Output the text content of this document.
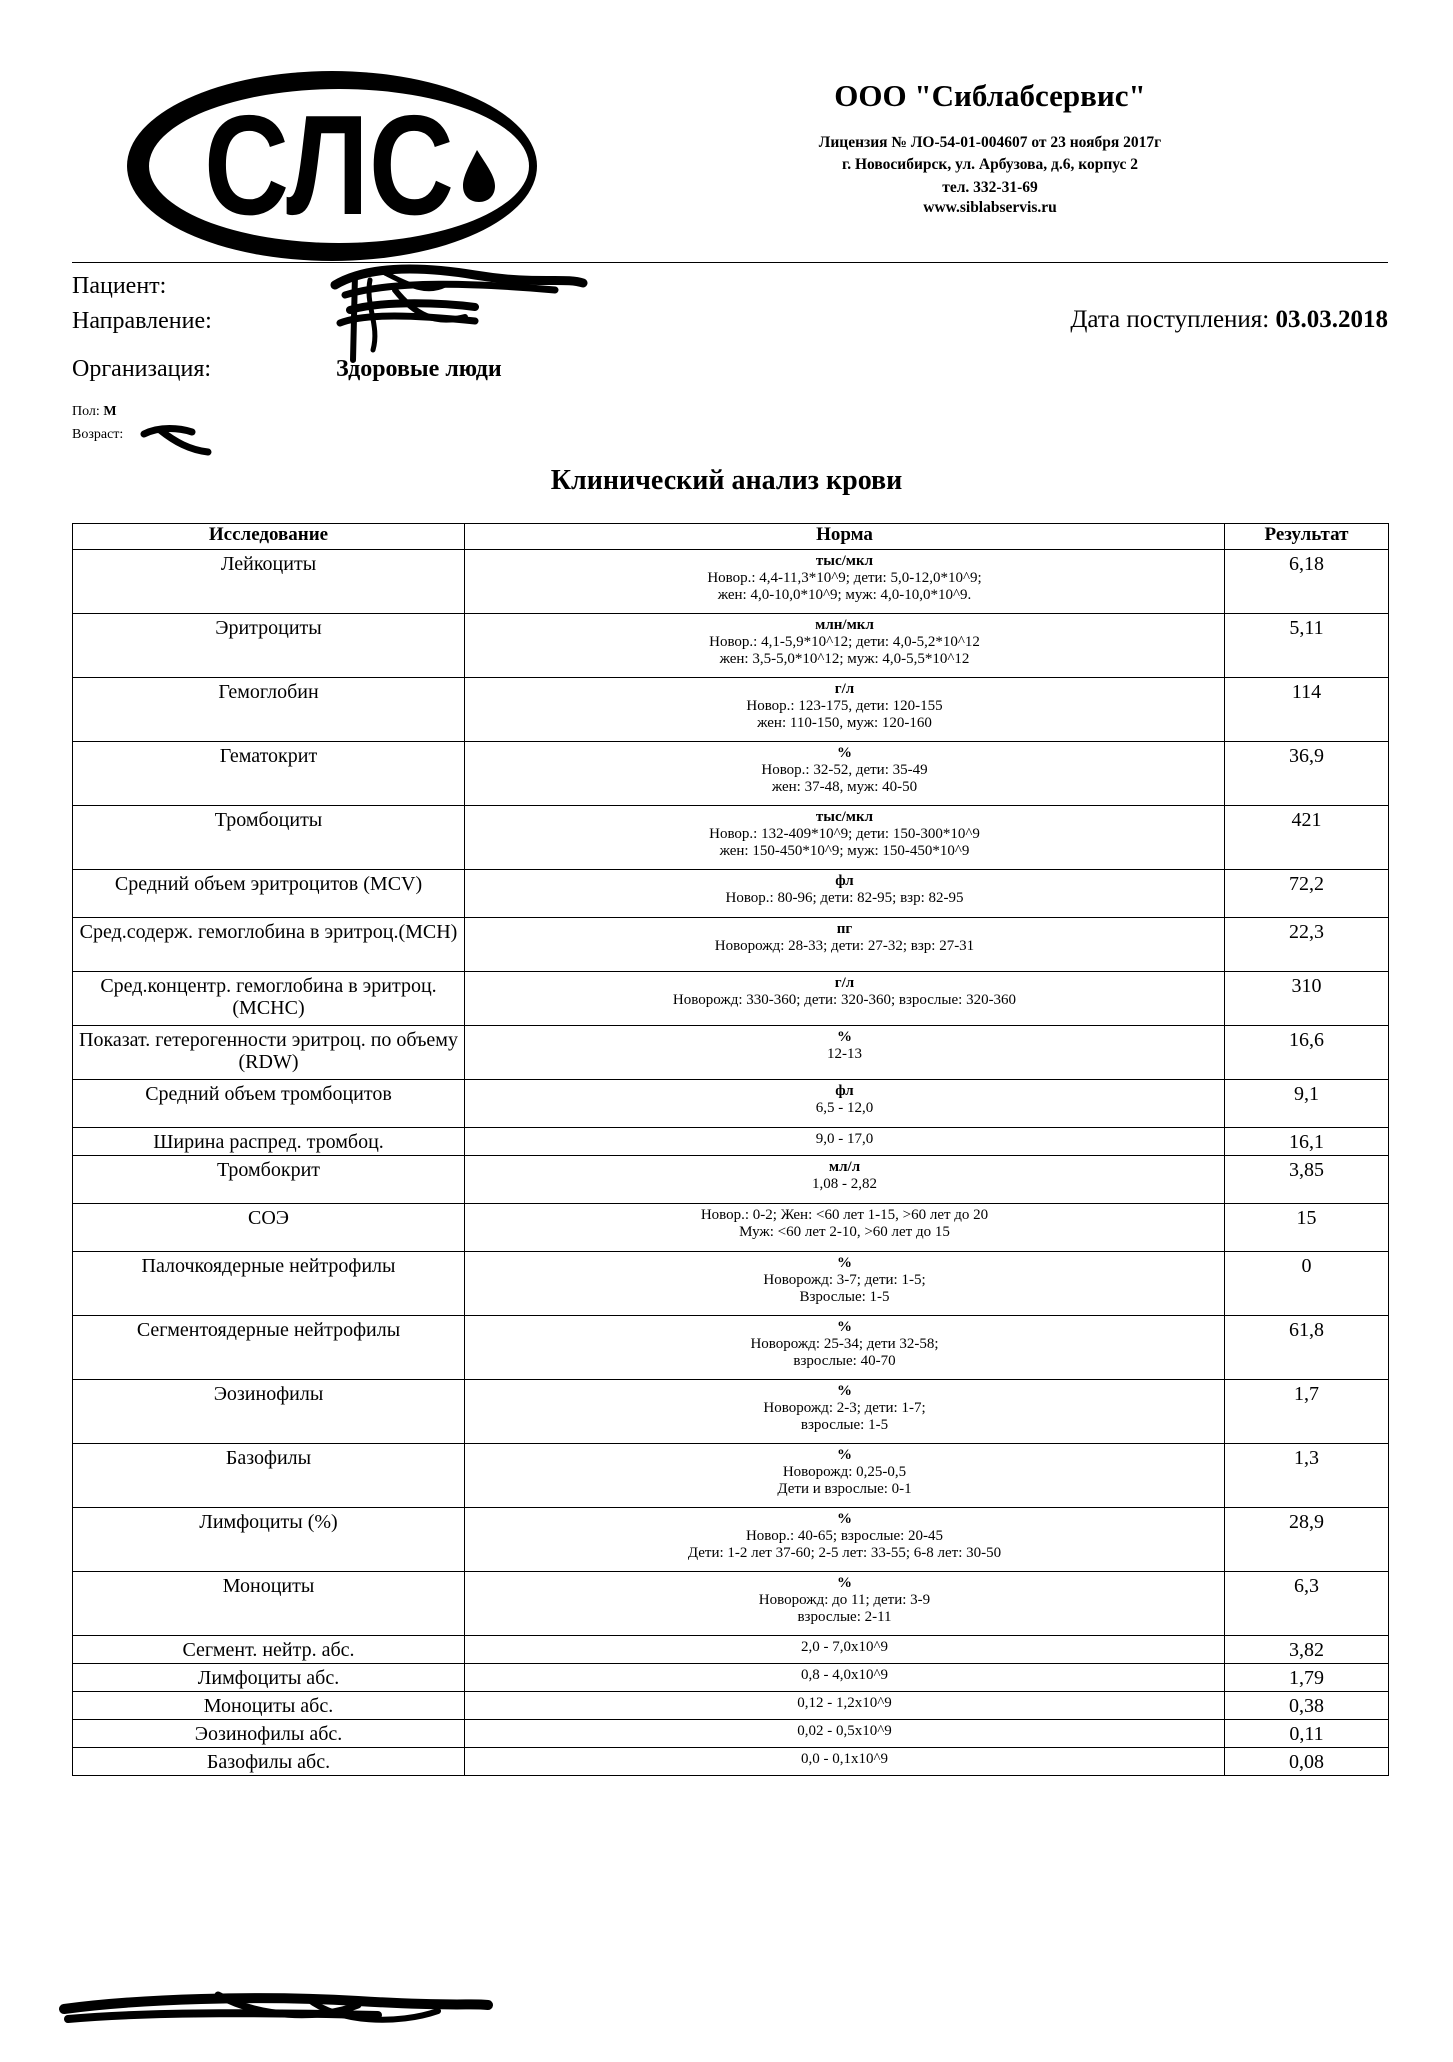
СЛС	ООО "Сиблабсервис"
Лицензия № ЛО-54-01-004607 от 23 ноября 2017г
г. Новосибирск, ул. Арбузова, д.6, корпус 2
тел. 332-31-69
www.siblabservis.ru
Пациент:
Направление:
Организация:	Здоровые люди
Дата поступления: 03.03.2018
Пол: М
Возраст:
Клинический анализ крови
Исследование	Норма	Результат
Лейкоциты	тыс/мкл
Новор.: 4,4-11,3*10^9; дети: 5,0-12,0*10^9;
жен: 4,0-10,0*10^9; муж: 4,0-10,0*10^9.	6,18
Эритроциты	млн/мкл
Новор.: 4,1-5,9*10^12; дети: 4,0-5,2*10^12
жен: 3,5-5,0*10^12; муж: 4,0-5,5*10^12	5,11
Гемоглобин	г/л
Новор.: 123-175, дети: 120-155
жен: 110-150, муж: 120-160	114
Гематокрит	%
Новор.: 32-52, дети: 35-49
жен: 37-48, муж: 40-50	36,9
Тромбоциты	тыс/мкл
Новор.: 132-409*10^9; дети: 150-300*10^9
жен: 150-450*10^9; муж: 150-450*10^9	421
Средний объем эритроцитов (MCV)	фл
Новор.: 80-96; дети: 82-95; взр: 82-95	72,2
Сред.содерж. гемоглобина в эритроц.(MCH)	пг
Новорожд: 28-33; дети: 27-32; взр: 27-31	22,3
Сред.концентр. гемоглобина в эритроц.(MCHC)	г/л
Новорожд: 330-360; дети: 320-360; взрослые: 320-360	310
Показат. гетерогенности эритроц. по объему (RDW)	%
12-13	16,6
Средний объем тромбоцитов	фл
6,5 - 12,0	9,1
Ширина распред. тромбоц.	9,0 - 17,0	16,1
Тромбокрит	мл/л
1,08 - 2,82	3,85
СОЭ	Новор.: 0-2; Жен: <60 лет 1-15, >60 лет до 20
Муж: <60 лет 2-10, >60 лет до 15	15
Палочкоядерные нейтрофилы	%
Новорожд: 3-7; дети: 1-5;
Взрослые: 1-5	0
Сегментоядерные нейтрофилы	%
Новорожд: 25-34; дети 32-58;
взрослые: 40-70	61,8
Эозинофилы	%
Новорожд: 2-3; дети: 1-7;
взрослые: 1-5	1,7
Базофилы	%
Новорожд: 0,25-0,5
Дети и взрослые: 0-1	1,3
Лимфоциты (%)	%
Новор.: 40-65; взрослые: 20-45
Дети: 1-2 лет 37-60; 2-5 лет: 33-55; 6-8 лет: 30-50	28,9
Моноциты	%
Новорожд: до 11; дети: 3-9
взрослые: 2-11	6,3
Сегмент. нейтр. абс.	2,0 - 7,0x10^9	3,82
Лимфоциты абс.	0,8 - 4,0x10^9	1,79
Моноциты абс.	0,12 - 1,2x10^9	0,38
Эозинофилы абс.	0,02 - 0,5x10^9	0,11
Базофилы абс.	0,0 - 0,1x10^9	0,08
